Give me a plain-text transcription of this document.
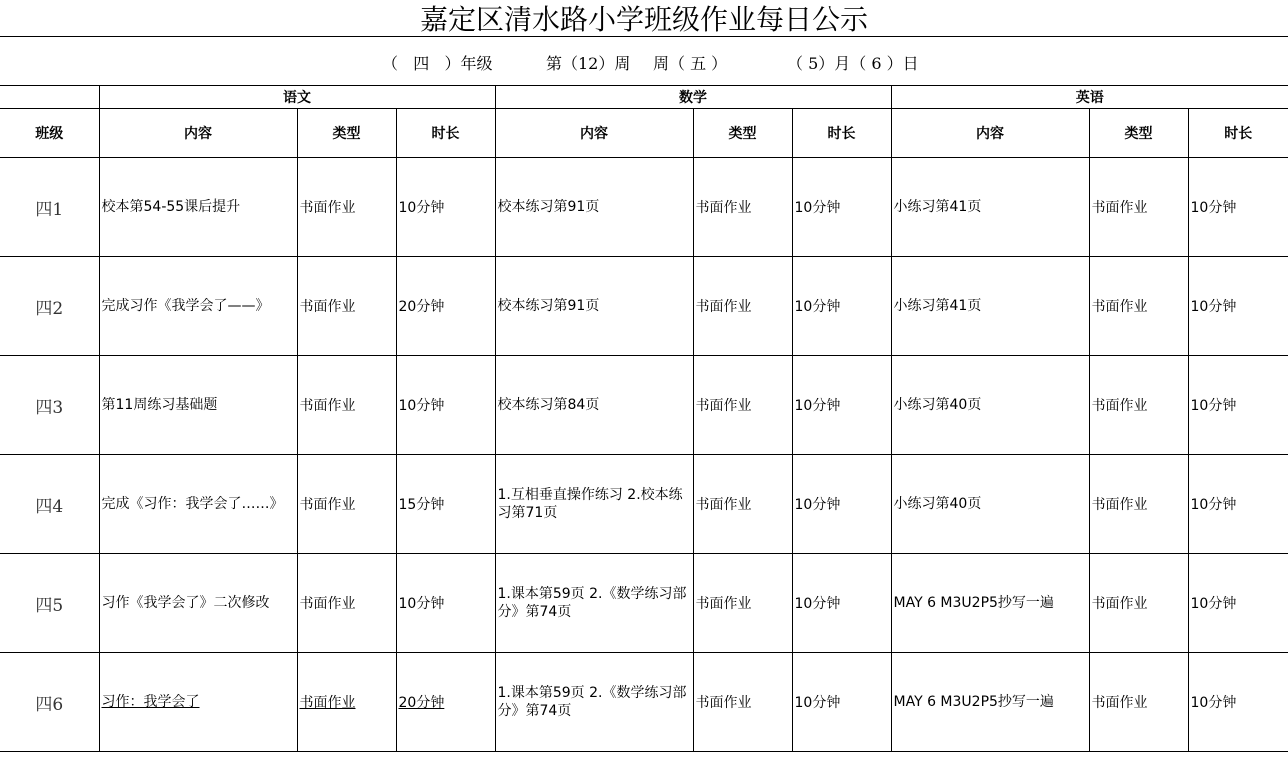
嘉定区清水路小学班级作业每日公示
（   四   ）年级	第（12）周 周（ 五 ）	（ 5）月（ 6 ）日
	语文			数学			英语		
班级	内容	类型	时长	内容	类型	时长	内容	类型	时长
四1	校本第54-55课后提升	书面作业	10分钟	校本练习第91页	书面作业	10分钟	小练习第41页	书面作业	10分钟
四2	完成习作《我学会了——》	书面作业	20分钟	校本练习第91页	书面作业	10分钟	小练习第41页	书面作业	10分钟
四3	第11周练习基础题	书面作业	10分钟	校本练习第84页	书面作业	10分钟	小练习第40页	书面作业	10分钟
四4	完成《习作：我学会了……》	书面作业	15分钟	1.互相垂直操作练习 2.校本练习第71页	书面作业	10分钟	小练习第40页	书面作业	10分钟
四5	习作《我学会了》二次修改	书面作业	10分钟	1.课本第59页 2.《数学练习部分》第74页	书面作业	10分钟	MAY 6 M3U2P5抄写一遍	书面作业	10分钟
四6	习作：我学会了	书面作业	20分钟	1.课本第59页 2.《数学练习部分》第74页	书面作业	10分钟	MAY 6 M3U2P5抄写一遍	书面作业	10分钟
